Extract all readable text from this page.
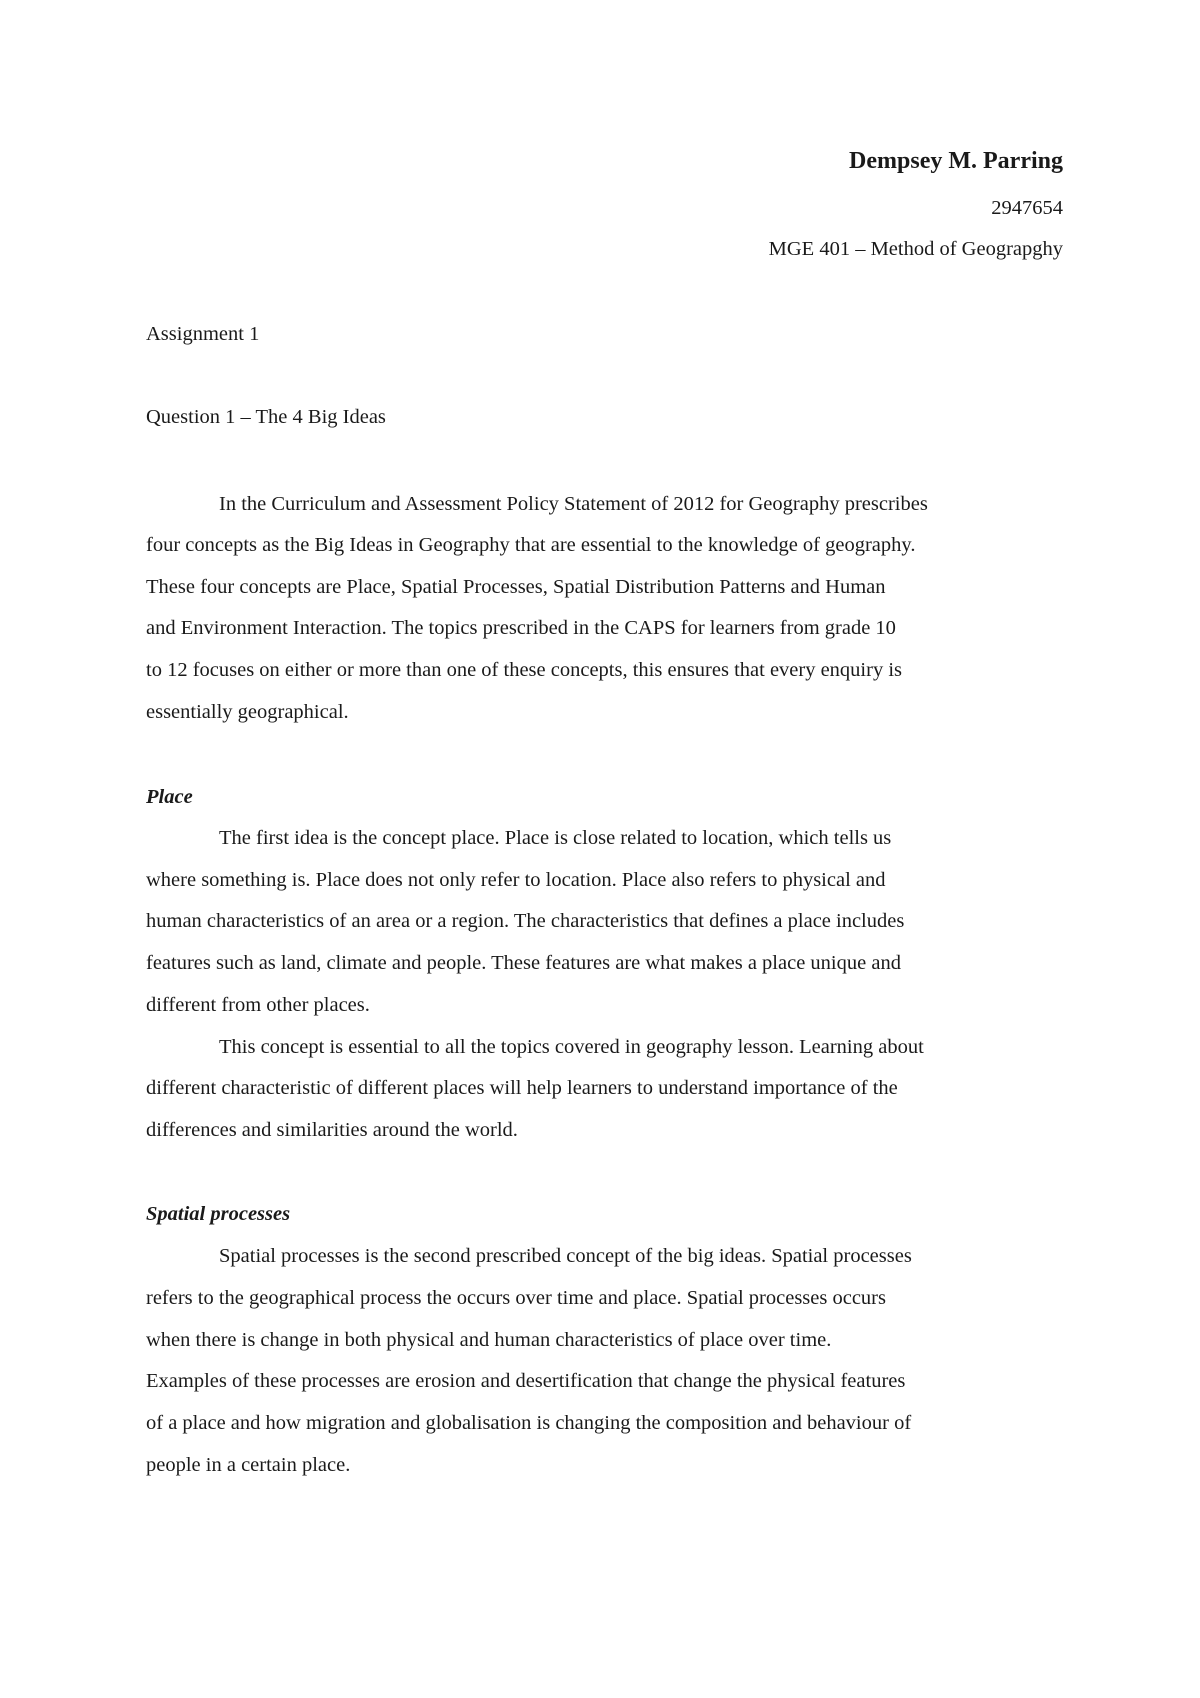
Dempsey M. Parring

2947654

MGE 401 – Method of Geograpghy

Assignment 1

Question 1 – The 4 Big Ideas

In the Curriculum and Assessment Policy Statement of 2012 for Geography prescribes

four concepts as the Big Ideas in Geography that are essential to the knowledge of geography.

These four concepts are Place, Spatial Processes, Spatial Distribution Patterns and Human

and Environment Interaction. The topics prescribed in the CAPS for learners from grade 10

to 12 focuses on either or more than one of these concepts, this ensures that every enquiry is

essentially geographical.

Place

The first idea is the concept place. Place is close related to location, which tells us

where something is. Place does not only refer to location. Place also refers to physical and

human characteristics of an area or a region. The characteristics that defines a place includes

features such as land, climate and people. These features are what makes a place unique and

different from other places.

This concept is essential to all the topics covered in geography lesson. Learning about

different characteristic of different places will help learners to understand importance of the

differences and similarities around the world.

Spatial processes

Spatial processes is the second prescribed concept of the big ideas. Spatial processes

refers to the geographical process the occurs over time and place. Spatial processes occurs

when there is change in both physical and human characteristics of place over time.

Examples of these processes are erosion and desertification that change the physical features

of a place and how migration and globalisation is changing the composition and behaviour of

people in a certain place.
